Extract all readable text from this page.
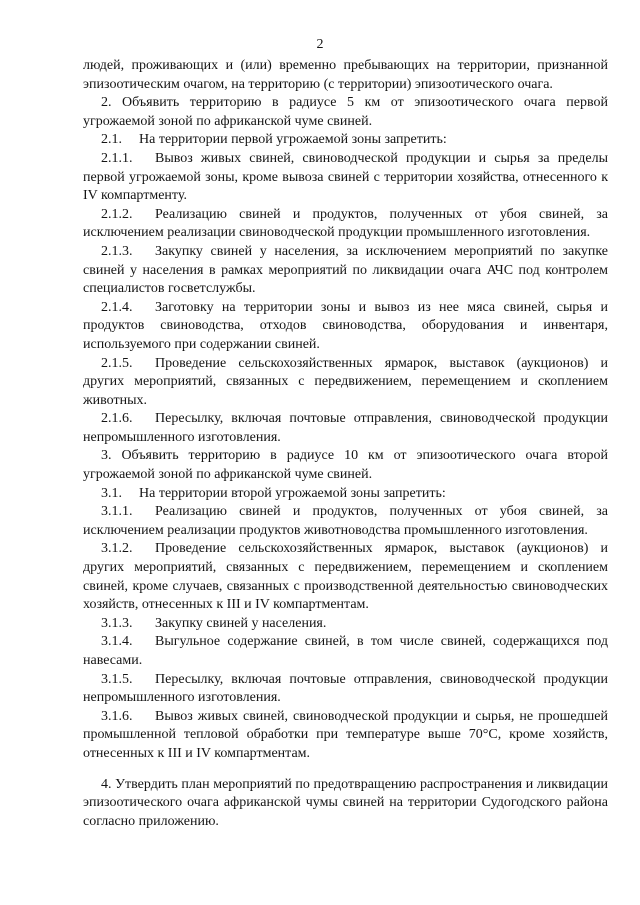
2

людей, проживающих и (или) временно пребывающих на территории, признанной эпизоотическим очагом, на территорию (с территории) эпизоотического очага.

2. Объявить территорию в радиусе 5 км от эпизоотического очага первой угрожаемой зоной по африканской чуме свиней.

2.1. На территории первой угрожаемой зоны запретить:

2.1.1. Вывоз живых свиней, свиноводческой продукции и сырья за пределы первой угрожаемой зоны, кроме вывоза свиней с территории хозяйства, отнесенного к IV компартменту.

2.1.2. Реализацию свиней и продуктов, полученных от убоя свиней, за исключением реализации свиноводческой продукции промышленного изготовления.

2.1.3. Закупку свиней у населения, за исключением мероприятий по закупке свиней у населения в рамках мероприятий по ликвидации очага АЧС под контролем специалистов госветслужбы.

2.1.4. Заготовку на территории зоны и вывоз из нее мяса свиней, сырья и продуктов свиноводства, отходов свиноводства, оборудования и инвентаря, используемого при содержании свиней.

2.1.5. Проведение сельскохозяйственных ярмарок, выставок (аукционов) и других мероприятий, связанных с передвижением, перемещением и скоплением животных.

2.1.6. Пересылку, включая почтовые отправления, свиноводческой продукции непромышленного изготовления.

3. Объявить территорию в радиусе 10 км от эпизоотического очага второй угрожаемой зоной по африканской чуме свиней.

3.1. На территории второй угрожаемой зоны запретить:

3.1.1. Реализацию свиней и продуктов, полученных от убоя свиней, за исключением реализации продуктов животноводства промышленного изготовления.

3.1.2. Проведение сельскохозяйственных ярмарок, выставок (аукционов) и других мероприятий, связанных с передвижением, перемещением и скоплением свиней, кроме случаев, связанных с производственной деятельностью свиноводческих хозяйств, отнесенных к III и IV компартментам.

3.1.3. Закупку свиней у населения.

3.1.4. Выгульное содержание свиней, в том числе свиней, содержащихся под навесами.

3.1.5. Пересылку, включая почтовые отправления, свиноводческой продукции непромышленного изготовления.

3.1.6. Вывоз живых свиней, свиноводческой продукции и сырья, не прошедшей промышленной тепловой обработки при температуре выше 70°C, кроме хозяйств, отнесенных к III и IV компартментам.

4. Утвердить план мероприятий по предотвращению распространения и ликвидации эпизоотического очага африканской чумы свиней на территории Судогодского района согласно приложению.
